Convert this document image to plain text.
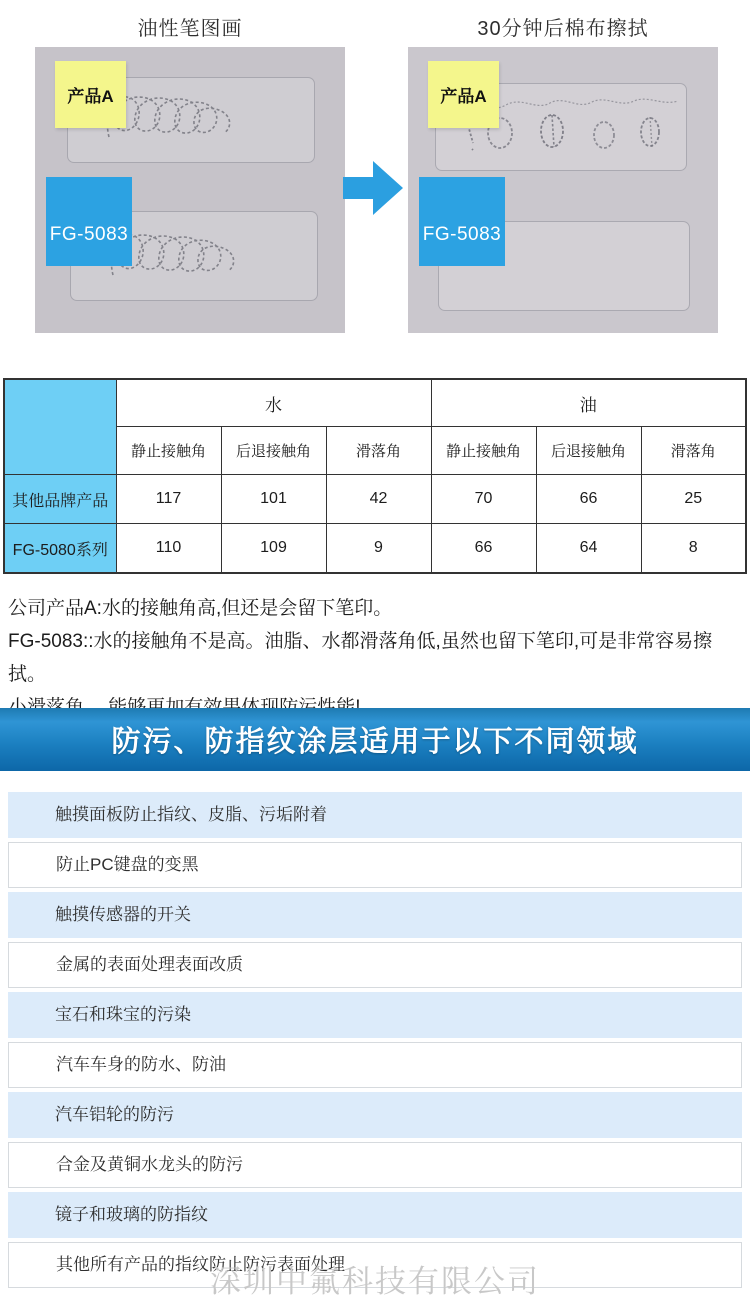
油性笔图画	30分钟后棉布擦拭
产品A
FG-5083
产品A
FG-5083
	水			油		
	静止接触角	后退接触角	滑落角	静止接触角	后退接触角	滑落角
其他品牌产品	117	101	42	70	66	25
FG-5080系列	110	109	9	66	64	8

公司产品A:水的接触角高,但还是会留下笔印。

FG-5083::水的接触角不是高。油脂、水都滑落角低,虽然也留下笔印,可是非常容易擦拭。

防污、防指纹涂层适用于以下不同领域
触摸面板防止指纹、皮脂、污垢附着
防止PC键盘的变黑
触摸传感器的开关
金属的表面处理表面改质
宝石和珠宝的污染
汽车车身的防水、防油
汽车铝轮的防污
合金及黄铜水龙头的防污
镜子和玻璃的防指纹
其他所有产品的指纹防止防污表面处理
深圳中氟科技有限公司
